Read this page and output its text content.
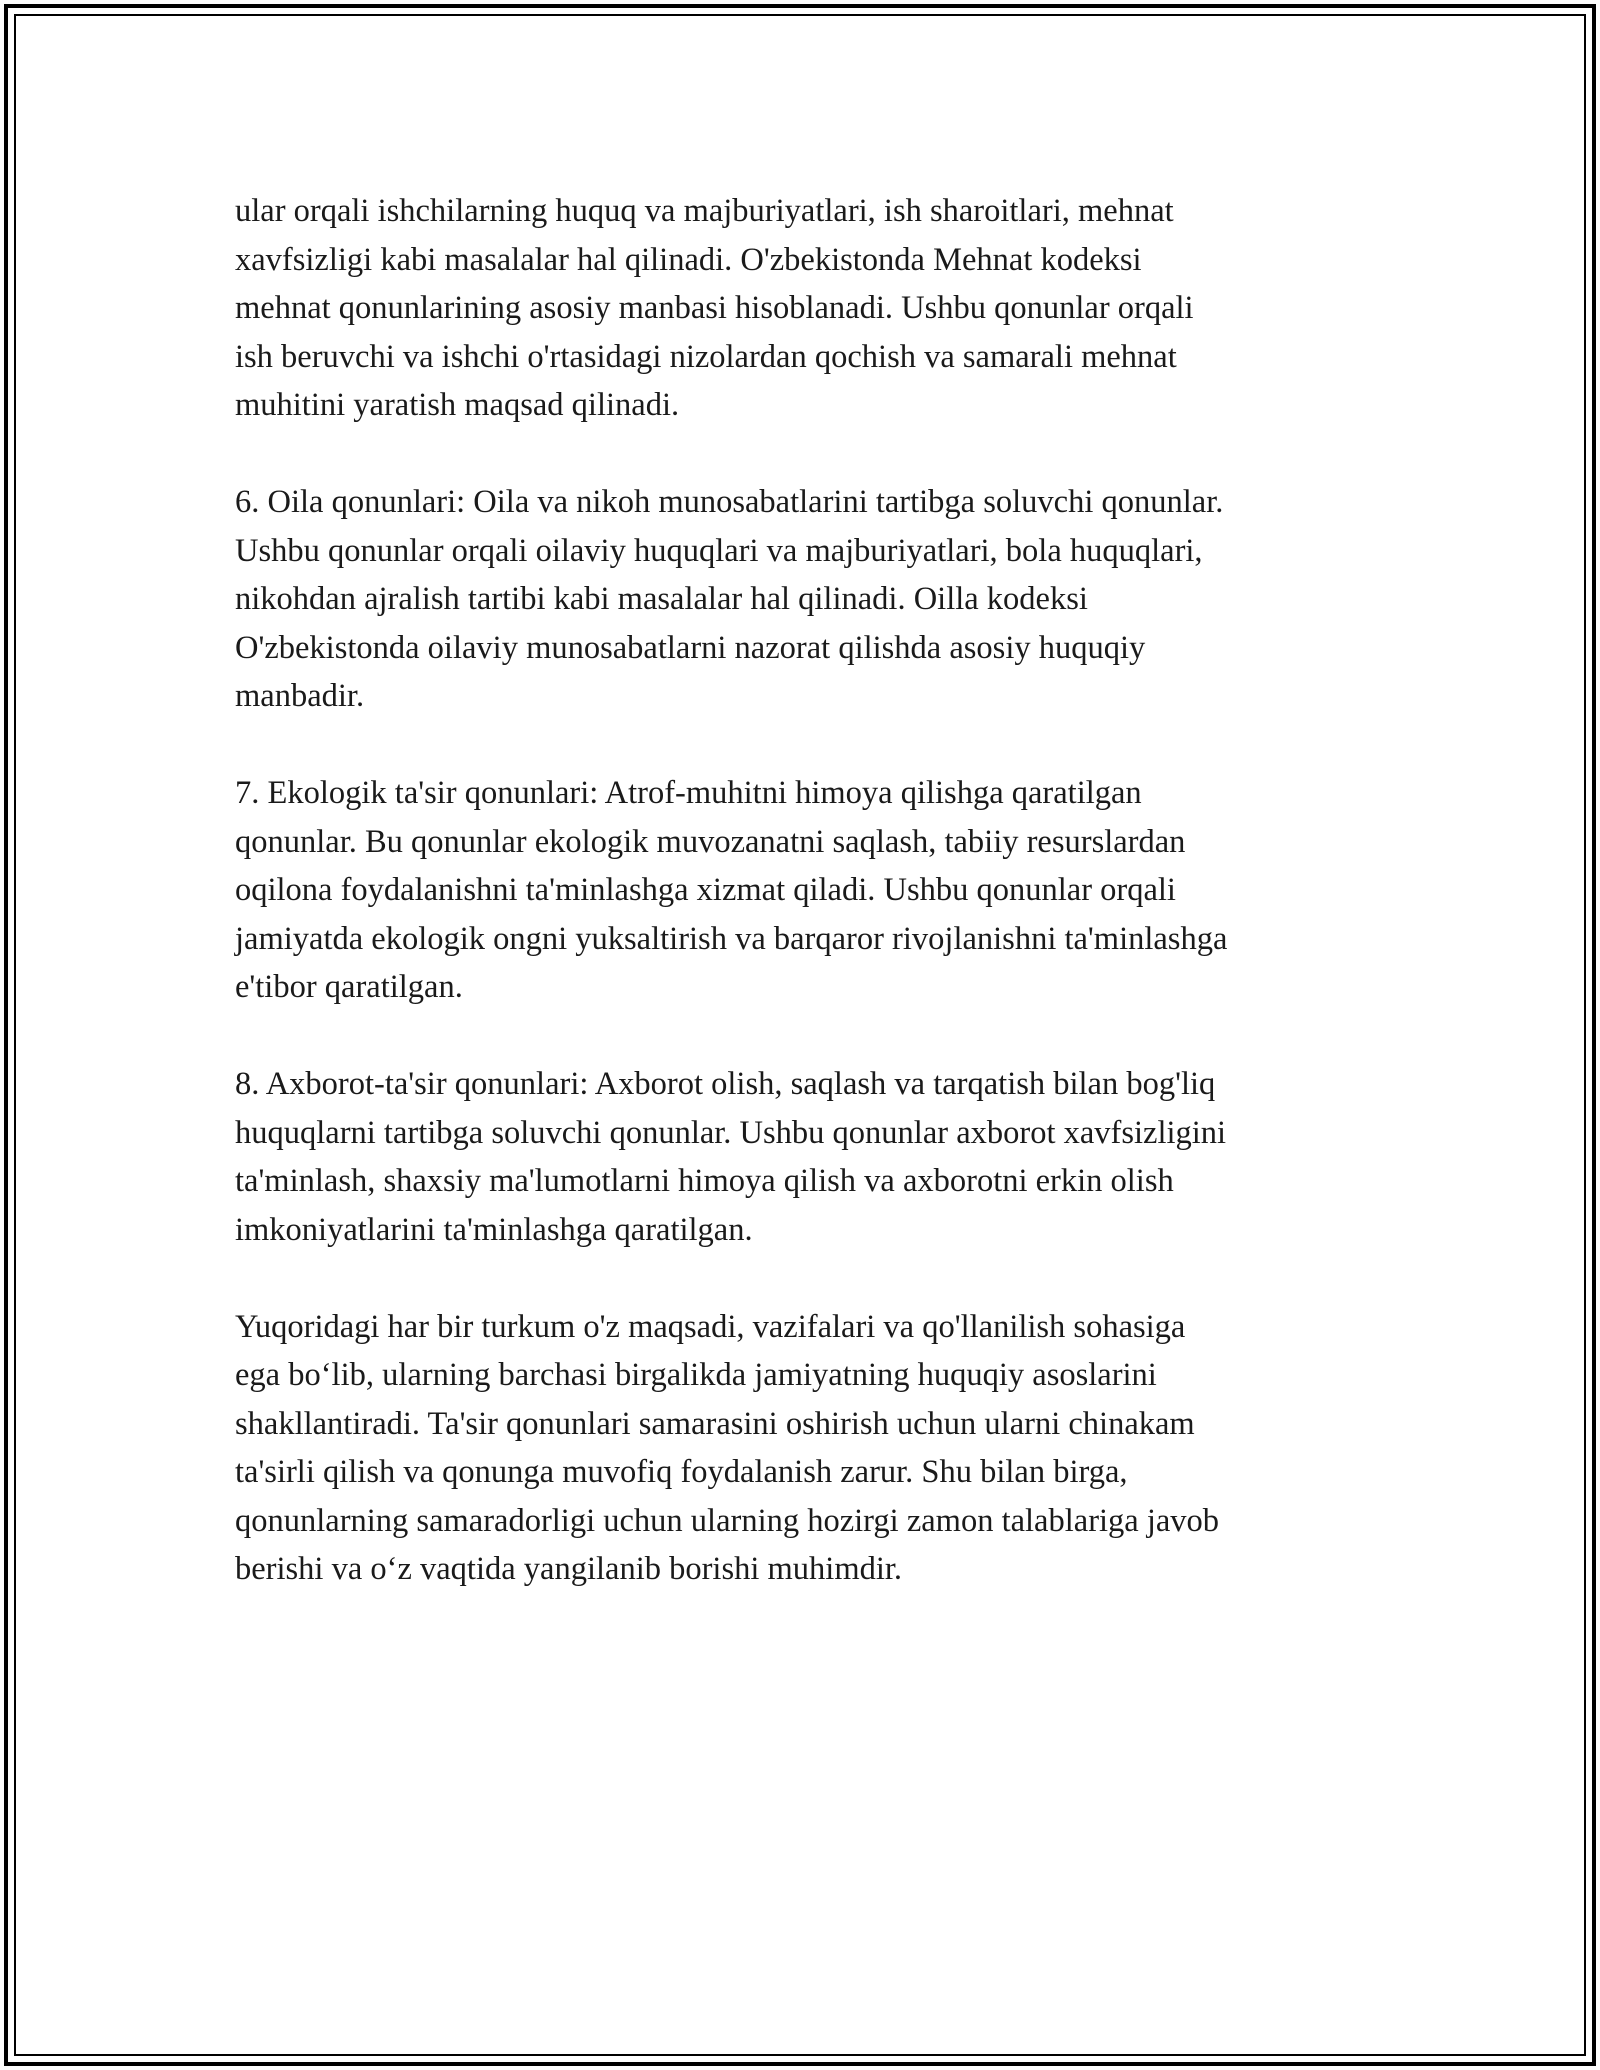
ular orqali ishchilarning huquq va majburiyatlari, ish sharoitlari, mehnat
xavfsizligi kabi masalalar hal qilinadi. O'zbekistonda Mehnat kodeksi
mehnat qonunlarining asosiy manbasi hisoblanadi. Ushbu qonunlar orqali
ish beruvchi va ishchi o'rtasidagi nizolardan qochish va samarali mehnat
muhitini yaratish maqsad qilinadi.

6. Oila qonunlari: Oila va nikoh munosabatlarini tartibga soluvchi qonunlar.
Ushbu qonunlar orqali oilaviy huquqlari va majburiyatlari, bola huquqlari,
nikohdan ajralish tartibi kabi masalalar hal qilinadi. Oilla kodeksi
O'zbekistonda oilaviy munosabatlarni nazorat qilishda asosiy huquqiy
manbadir.

7. Ekologik ta'sir qonunlari: Atrof-muhitni himoya qilishga qaratilgan
qonunlar. Bu qonunlar ekologik muvozanatni saqlash, tabiiy resurslardan
oqilona foydalanishni ta'minlashga xizmat qiladi. Ushbu qonunlar orqali
jamiyatda ekologik ongni yuksaltirish va barqaror rivojlanishni ta'minlashga
e'tibor qaratilgan.

8. Axborot-ta'sir qonunlari: Axborot olish, saqlash va tarqatish bilan bog'liq
huquqlarni tartibga soluvchi qonunlar. Ushbu qonunlar axborot xavfsizligini
ta'minlash, shaxsiy ma'lumotlarni himoya qilish va axborotni erkin olish
imkoniyatlarini ta'minlashga qaratilgan.

Yuqoridagi har bir turkum o'z maqsadi, vazifalari va qo'llanilish sohasiga
ega bo‘lib, ularning barchasi birgalikda jamiyatning huquqiy asoslarini
shakllantiradi. Ta'sir qonunlari samarasini oshirish uchun ularni chinakam
ta'sirli qilish va qonunga muvofiq foydalanish zarur. Shu bilan birga,
qonunlarning samaradorligi uchun ularning hozirgi zamon talablariga javob
berishi va o‘z vaqtida yangilanib borishi muhimdir.
